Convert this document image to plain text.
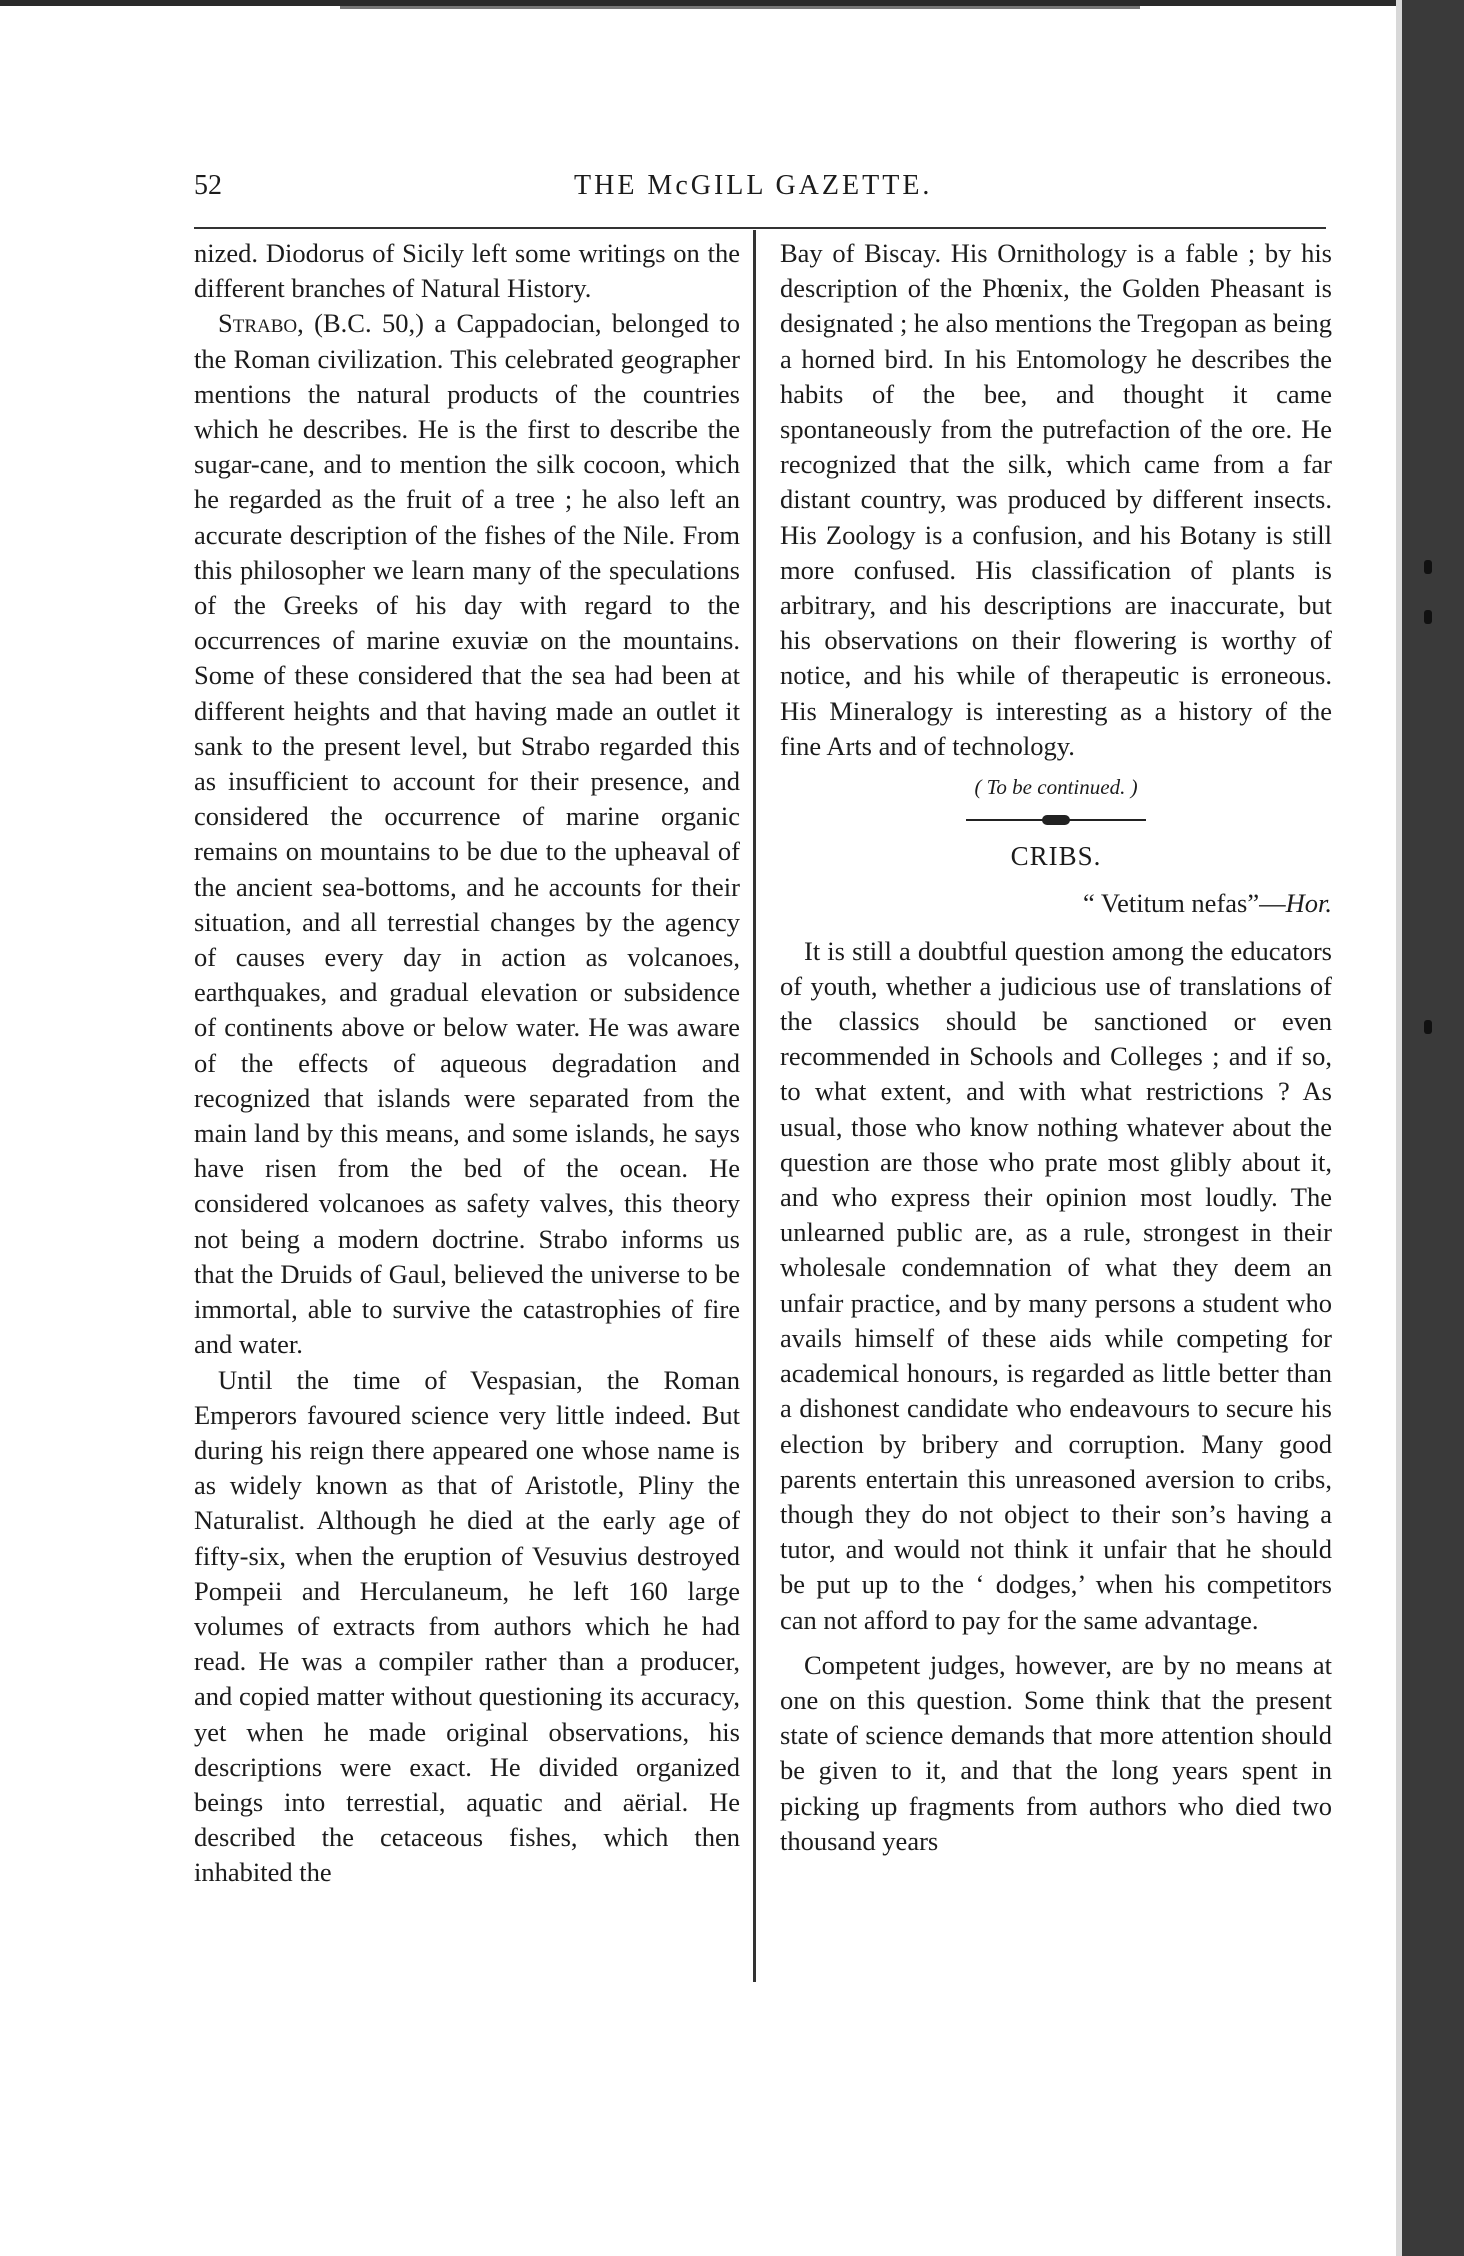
52	THE McGILL GAZETTE.

nized. Diodorus of Sicily left some writings on the different branches of Natural History.

Strabo, (B.C. 50,) a Cappadocian, belonged to the Roman civilization. This celebrated geographer mentions the natural products of the countries which he describes. He is the first to describe the sugar-cane, and to mention the silk cocoon, which he regarded as the fruit of a tree ; he also left an accurate description of the fishes of the Nile. From this philosopher we learn many of the speculations of the Greeks of his day with regard to the occurrences of marine exuviæ on the mountains. Some of these considered that the sea had been at different heights and that having made an outlet it sank to the present level, but Strabo regarded this as insufficient to account for their presence, and considered the occurrence of marine organic remains on mountains to be due to the upheaval of the ancient sea-bottoms, and he accounts for their situation, and all terrestial changes by the agency of causes every day in action as volcanoes, earthquakes, and gradual elevation or subsidence of continents above or below water. He was aware of the effects of aqueous degradation and recognized that islands were separated from the main land by this means, and some islands, he says have risen from the bed of the ocean. He considered volcanoes as safety valves, this theory not being a modern doctrine. Strabo informs us that the Druids of Gaul, believed the universe to be immortal, able to survive the catastrophies of fire and water.

Until the time of Vespasian, the Roman Emperors favoured science very little indeed. But during his reign there appeared one whose name is as widely known as that of Aristotle, Pliny the Naturalist. Although he died at the early age of fifty-six, when the eruption of Vesuvius destroyed Pompeii and Herculaneum, he left 160 large volumes of extracts from authors which he had read. He was a compiler rather than a producer, and copied matter without questioning its accuracy, yet when he made original observations, his descriptions were exact. He divided organized beings into terrestial, aquatic and aërial. He described the cetaceous fishes, which then inhabited the

Bay of Biscay. His Ornithology is a fable ; by his description of the Phœnix, the Golden Pheasant is designated ; he also mentions the Tregopan as being a horned bird. In his Entomology he describes the habits of the bee, and thought it came spontaneously from the putrefaction of the ore. He recognized that the silk, which came from a far distant country, was produced by different insects. His Zoology is a confusion, and his Botany is still more confused. His classification of plants is arbitrary, and his descriptions are inaccurate, but his observations on their flowering is worthy of notice, and his while of therapeutic is erroneous. His Mineralogy is interesting as a history of the fine Arts and of technology.

( To be continued. )
CRIBS.
“ Vetitum nefas”—Hor.

It is still a doubtful question among the educators of youth, whether a judicious use of translations of the classics should be sanctioned or even recommended in Schools and Colleges ; and if so, to what extent, and with what restrictions ? As usual, those who know nothing whatever about the question are those who prate most glibly about it, and who express their opinion most loudly. The unlearned public are, as a rule, strongest in their wholesale condemnation of what they deem an unfair practice, and by many persons a student who avails himself of these aids while competing for academical honours, is regarded as little better than a dishonest candidate who endeavours to secure his election by bribery and corruption. Many good parents entertain this unreasoned aversion to cribs, though they do not object to their son’s having a tutor, and would not think it unfair that he should be put up to the ‘ dodges,’ when his competitors can not afford to pay for the same advantage.

Competent judges, however, are by no means at one on this question. Some think that the present state of science demands that more attention should be given to it, and that the long years spent in picking up fragments from authors who died two thousand years
